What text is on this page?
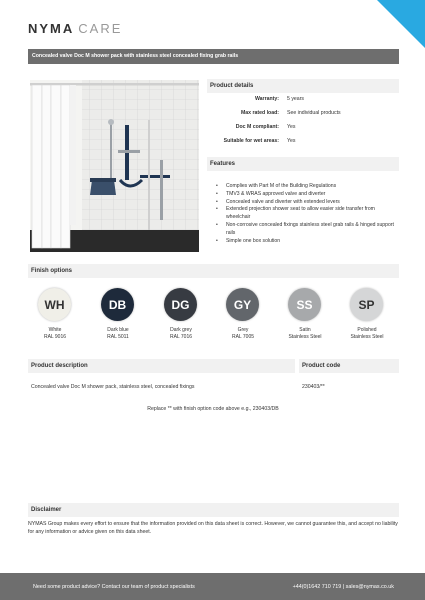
NYMA CARE
Concealed valve Doc M shower pack with stainless steel concealed fixing grab rails
Product details
Warranty: 5 years
Max rated load: See individual products
Doc M compliant: Yes
Suitable for wet areas: Yes
Features
• Complies with Part M of the Building Regulations
• TMV3 & WRAS approved valve and diverter
• Concealed valve and diverter with extended levers
• Extended projection shower seat to allow easier side transfer from wheelchair
• Non-corrosive concealed fixings stainless steel grab rails & hinged support rails
• Simple one box solution
Finish options
WH	DB	DG	GY	SS	SP
White	Dark blue	Dark grey	Grey	Satin	Polished
RAL 9016	RAL 5011	RAL 7016	RAL 7005	Stainless Steel	Stainless Steel
Product description	Product code
Concealed valve Doc M shower pack, stainless steel, concealed fixings	230403/**
Replace ** with finish option code above e.g., 230403/DB
Disclaimer
NYMAS Group makes every effort to ensure that the information provided on this data sheet is correct. However, we cannot guarantee this, and accept no liability for any information or advice given on this data sheet.
Need some product advice? Contact our team of product specialists	+44(0)1642 710 719 | sales@nymas.co.uk
